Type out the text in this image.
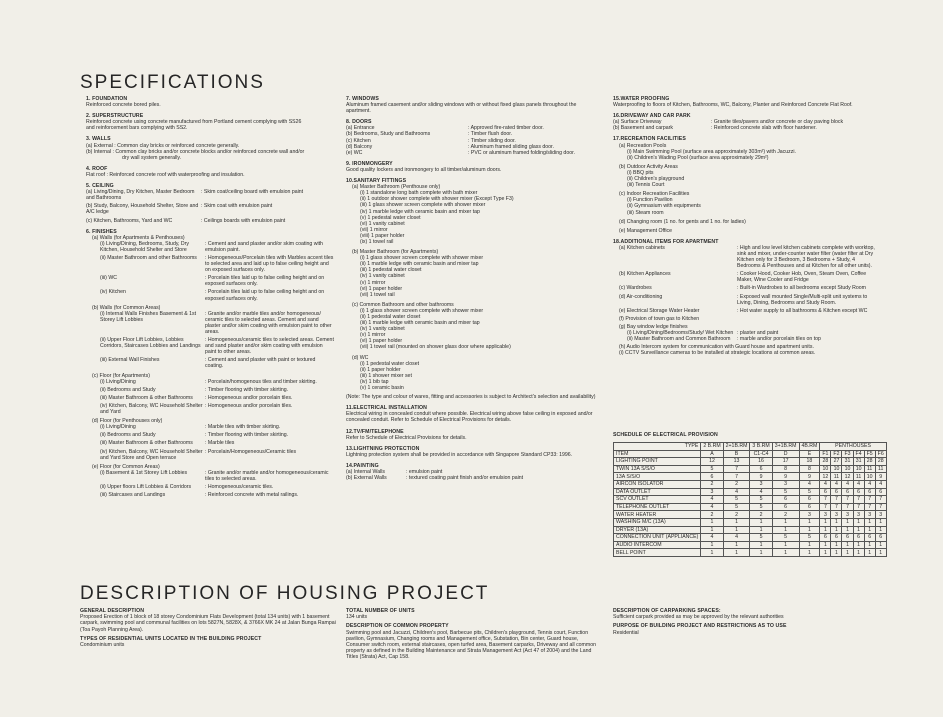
SPECIFICATIONS
DESCRIPTION OF HOUSING PROJECT
1. FOUNDATION
Reinforced concrete bored piles.
2. SUPERSTRUCTURE
Reinforced concrete using concrete manufactured from Portland cement complying with SS26
and reinforcement bars complying with SS2.
3. WALLS
(a) External : Common clay bricks or reinforced concrete generally.
(b) Internal : Common clay bricks and/or concrete blocks and/or reinforced concrete wall and/or
dry wall system generally.
4. ROOF
Flat roof : Reinforced concrete roof with waterproofing and insulation.
5. CEILING
(a) Living/Dining, Dry Kitchen, Master Bedroom and Bathrooms
: Skim coat/ceiling board with emulsion paint
(b) Study, Balcony, Household Shelter, Store and A/C ledge
: Skim coat with emulsion paint
(c) Kitchen, Bathrooms, Yard and WC	: Ceilings boards with emulsion paint
6. FINISHES
(a) Walls (for Apartments & Penthouses)
(i) Living/Dining, Bedrooms, Study, Dry Kitchen, Household Shelter and Store
: Cement and sand plaster and/or skim coating with emulsion paint.
(ii) Master Bathroom and other Bathrooms	: Homogeneous/Porcelain tiles with Marbles accent tiles to selected area and laid up to false ceiling height and on exposed surfaces only.
(iii) WC	: Porcelain tiles laid up to false ceiling height and on exposed surfaces only.
(iv) Kitchen	: Porcelain tiles laid up to false ceiling height and on exposed surfaces only.
(b) Walls (for Common Areas)
(i) Internal Walls Finishes Basement & 1st Storey Lift Lobbies
: Granite and/or marble tiles and/or homogeneous/ ceramic tiles to selected areas. Cement and sand plaster and/or skim coating with emulsion paint to other areas.
(ii) Upper Floor Lift Lobbies, Lobbies Corridors, Staircases Lobbies and Landings
: Homogeneous/ceramic tiles to selected areas. Cement and sand plaster and/or skim coating with emulsion paint to other areas.
(iii) External Wall Finishes	: Cement and sand plaster with paint or textured coating.
(c) Floor (for Apartments)
(i) Living/Dining	: Porcelain/homogenous tiles and timber skirting.
(ii) Bedrooms and Study	: Timber flooring with timber skirting.
(iii) Master Bathroom & other Bathrooms	: Homogeneous and/or porcelain tiles.
(iv) Kitchen, Balcony, WC Household Shelter and Yard
: Homogeneous and/or porcelain tiles.
(d) Floor (for Penthouses only)
(i) Living/Dining	: Marble tiles with timber skirting.
(ii) Bedrooms and Study	: Timber flooring with timber skirting.
(iii) Master Bathroom & other Bathrooms	: Marble tiles
(iv) Kitchen, Balcony, WC Household Shelter and Yard Store and Open terrace
: Porcelain/Homogeneous/Ceramic tiles
(e) Floor (for Common Areas)
(i) Basement & 1st Storey Lift Lobbies	: Granite and/or marble and/or homogeneous/ceramic tiles to selected areas.
(ii) Upper floors Lift Lobbies & Corridors	: Homogeneous/ceramic tiles.
(iii) Staircases and Landings	: Reinforced concrete with metal railings.
7. WINDOWS
Aluminum framed casement and/or sliding windows with or without fixed glass panels throughout the apartment.
8. DOORS
(a) Entrance	: Approved fire-rated timber door.
(b) Bedrooms, Study and Bathrooms	: Timber flush door.
(c) Kitchen	: Timber sliding door.
(d) Balcony	: Aluminum framed sliding glass door.
(e) WC	: PVC or aluminum framed folding/sliding door.
9. IRONMONGERY
Good quality lockers and ironmongery to all timber/aluminum doors.
10.SANITARY FITTINGS
(a) Master Bathroom (Penthouse only)
(i) 1 standalone long bath complete with bath mixer
(ii) 1 outdoor shower complete with shower mixer (Except Type F3)
(iii) 1 glass shower screen complete with shower mixer
(iv) 1 marble ledge with ceramic basin and mixer tap
(v) 1 pedestal water closet
(vi) 1 vanity cabinet
(vii) 1 mirror
(viii) 1 paper holder
(ix) 1 towel rail
(b) Master Bathroom (for Apartments)
(i) 1 glass shower screen complete with shower mixer
(ii) 1 marble ledge with ceramic basin and mixer tap
(iii) 1 pedestal water closet
(iv) 1 vanity cabinet
(v) 1 mirror
(vi) 1 paper holder
(vii) 1 towel rail
(c) Common Bathroom and other bathrooms
(i) 1 glass shower screen complete with shower mixer
(ii) 1 pedestal water closet
(iii) 1 marble ledge with ceramic basin and mixer tap
(iv) 1 vanity cabinet
(v) 1 mirror
(vi) 1 paper holder
(vii) 1 towel rail (mounted on shower glass door where applicable)
(d) WC
(i) 1 pedestal water closet
(ii) 1 paper holder
(iii) 1 shower mixer set
(iv) 1 bib tap
(v) 1 ceramic basin
(Note: The type and colour of wares, fitting and accessories is subject to Architect's selection and availability)
11.ELECTRICAL INSTALLATION
Electrical wiring in concealed conduit where possible. Electrical wiring above false ceiling in exposed and/or concealed conduit. Refer to Schedule of Electrical Provisions for details.
12.TV/FM/TELEPHONE
Refer to Schedule of Electrical Provisions for details.
13.LIGHTNING PROTECTION
Lightning protection system shall be provided in accordance with Singapore Standard CP33: 1996.
14.PAINTING
(a) Internal Walls	: emulsion paint
(b) External Walls	: textured coating paint finish and/or emulsion paint
15.WATER PROOFING
Waterproofing to floors of Kitchen, Bathrooms, WC, Balcony, Planter and Reinforced Concrete Flat Roof.
16.DRIVEWAY AND CAR PARK
(a) Surface Driveway	: Granite tiles/pavers and/or concrete or clay paving block
(b) Basement and carpark	: Reinforced concrete slab with floor hardener.
17.RECREATION FACILITIES
(a) Recreation Pools
(i) Main Swimming Pool (surface area approximately 303m²) with Jacuzzi.
(ii) Children's Wading Pool (surface area approximately 29m²)
(b) Outdoor Activity Areas
(i) BBQ pits
(ii) Children's playground
(iii) Tennis Court
(c) Indoor Recreation Facilities
(i) Function Pavilion
(ii) Gymnasium with equipments
(iii) Steam room
(d) Changing room (1 no. for gents and 1 no. for ladies)
(e) Management Office
18.ADDITIONAL ITEMS FOR APARTMENT
(a) Kitchen cabinets	: High and low level kitchen cabinets complete with worktop, sink and mixer, under-counter water filter (water filter at Dry Kitchen only for 3 Bedroom, 3 Bedrooms + Study, 4 Bedrooms & Penthouses and at Kitchen for all other units).
(b) Kitchen Appliances	: Cooker Hood, Cooker Hob, Oven, Steam Oven, Coffee Maker, Wine Cooler and Fridge
(c) Wardrobes	: Built-in Wardrobes to all bedrooms except Study Room
(d) Air-conditioning	: Exposed wall mounted Single/Multi-split unit systems to Living, Dining, Bedrooms and Study Room.
(e) Electrical Storage Water Heater	: Hot water supply to all bathrooms & Kitchen except WC
(f) Provision of town gas to Kitchen
(g) Bay window ledge finishes
(i) Living/Dining/Bedrooms/Study/ Wet Kitchen : plaster and paint
(ii) Master Bathroom and Common Bathroom	: marble and/or porcelain tiles on top
(h) Audio Intercom system for communication with Guard house and apartment units.
(i) CCTV Surveillance cameras to be installed at strategic locations at common areas.
SCHEDULE OF ELECTRICAL PROVISION
TYPE	2 B.RM	2+1B.RM	3 B.RM	3+1B.RM	4B.RM	PENTHOUSES					
ITEM	A	B	C1-C4	D	E	F1	F2	F3	F4	F5	F6
LIGHTING POINT	12	13	16	17	18	28	27	31	31	28	28
TWIN 13A S/S/O	5	7	6	8	8	10	10	10	10	11	11
13A S/S/O	6	7	9	9	9	12	11	12	11	10	9
AIRCON ISOLATOR	2	2	3	3	4	4	4	4	4	4	4
DATA OUTLET	3	4	4	5	5	6	6	6	6	6	6
SCV OUTLET	4	5	5	6	6	7	7	7	7	7	7
TELEPHONE OUTLET	4	5	5	6	6	7	7	7	7	7	7
WATER HEATER	2	2	2	2	3	3	3	3	3	3	3
WASHING M/C (13A)	1	1	1	1	1	1	1	1	1	1	1
DRYER (13A)	1	1	1	1	1	1	1	1	1	1	1
CONNECTION UNIT (APPLIANCE)	4	4	5	5	5	6	6	6	6	6	6
AUDIO INTERCOM	1	1	1	1	1	1	1	1	1	1	1
BELL POINT	1	1	1	1	1	1	1	1	1	1	1
GENERAL DESCRIPTION
Proposed Erection of 1 block of 18 storey Condominium Flats Development (total 134 units) with 1 basement carpark, swimming pool and communal facilities on lots 5827N, 5828X, & 3766X MK 24 at Jalan Bunga Rampai (Toa Payoh Planning Area).
TYPES OF RESIDENTIAL UNITS LOCATED IN THE BUILDING PROJECT
Condominium units
TOTAL NUMBER OF UNITS
134 units
DESCRIPTION OF COMMON PROPERTY
Swimming pool and Jacuzzi, Children's pool, Barbecue pits, Children's playground, Tennis court, Function pavilion, Gymnasium, Changing rooms and Management office, Substation, Bin center, Guard house, Consumer switch room, external staircases, open turfed area, Basement carparks, Driveway and all common property as defined in the Building Maintenance and Strata Management Act (Act 47 of 2004) and the Land Titles (Strata) Act, Cap 158.
DESCRIPTION OF CARPARKING SPACES:
Sufficient carpark provided as may be approved by the relevant authorities
PURPOSE OF BUILDING PROJECT AND RESTRICTIONS AS TO USE
Residential
